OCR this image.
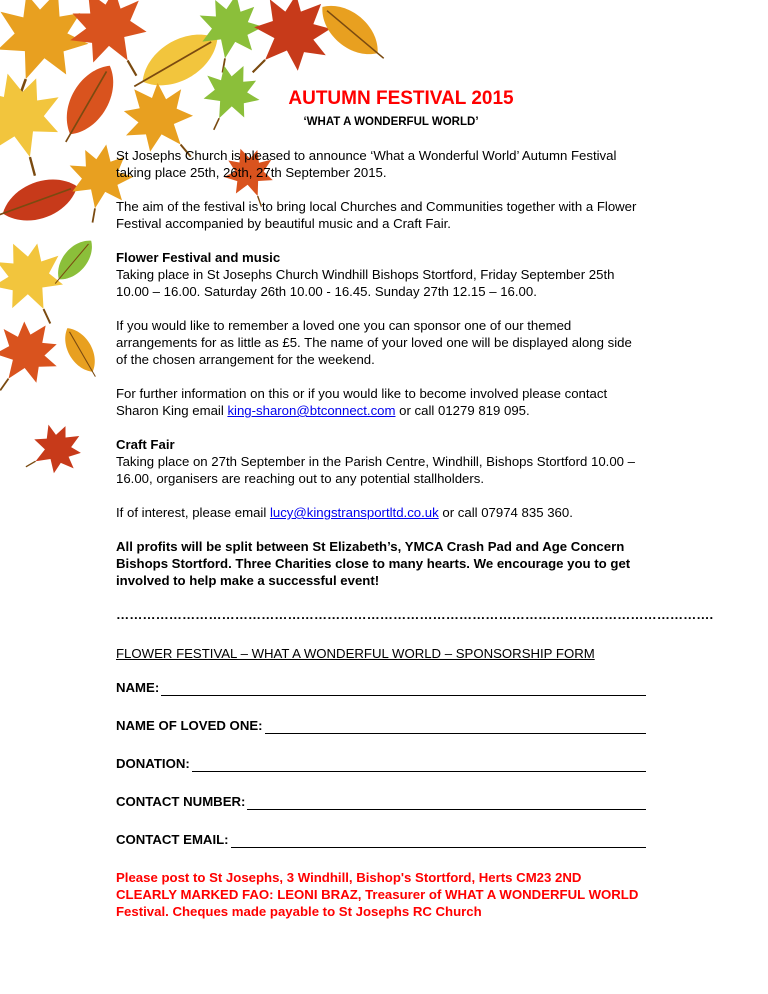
AUTUMN FESTIVAL 2015
‘WHAT A WONDERFUL WORLD’

St Josephs Church is pleased to announce ‘What a Wonderful World’ Autumn Festival taking place 25th, 26th, 27th September 2015.

The aim of the festival is to bring local Churches and Communities together with a Flower Festival accompanied by beautiful music and a Craft Fair.

Flower Festival and music
Taking place in St Josephs Church Windhill Bishops Stortford, Friday September 25th 10.00 – 16.00. Saturday 26th 10.00 - 16.45. Sunday 27th 12.15 – 16.00.

If you would like to remember a loved one you can sponsor one of our themed arrangements for as little as £5. The name of your loved one will be displayed along side of the chosen arrangement for the weekend.

For further information on this or if you would like to become involved please contact Sharon King email king-sharon@btconnect.com or call 01279 819 095.

Craft Fair
Taking place on 27th September in the Parish Centre, Windhill, Bishops Stortford 10.00 – 16.00, organisers are reaching out to any potential stallholders.

If of interest, please email lucy@kingstransportltd.co.uk or call 07974 835 360.

All profits will be split between St Elizabeth’s, YMCA Crash Pad and Age Concern Bishops Stortford. Three Charities close to many hearts. We encourage you to get involved to help make a successful event!

……………………………………………………………………………………………………………………….
FLOWER FESTIVAL – WHAT A WONDERFUL WORLD – SPONSORSHIP FORM
NAME:
NAME OF LOVED ONE:
DONATION:
CONTACT NUMBER:
CONTACT EMAIL:
Please post to St Josephs, 3 Windhill, Bishop's Stortford, Herts CM23 2ND
CLEARLY MARKED FAO: LEONI BRAZ, Treasurer of WHAT A WONDERFUL WORLD
Festival. Cheques made payable to St Josephs RC Church
